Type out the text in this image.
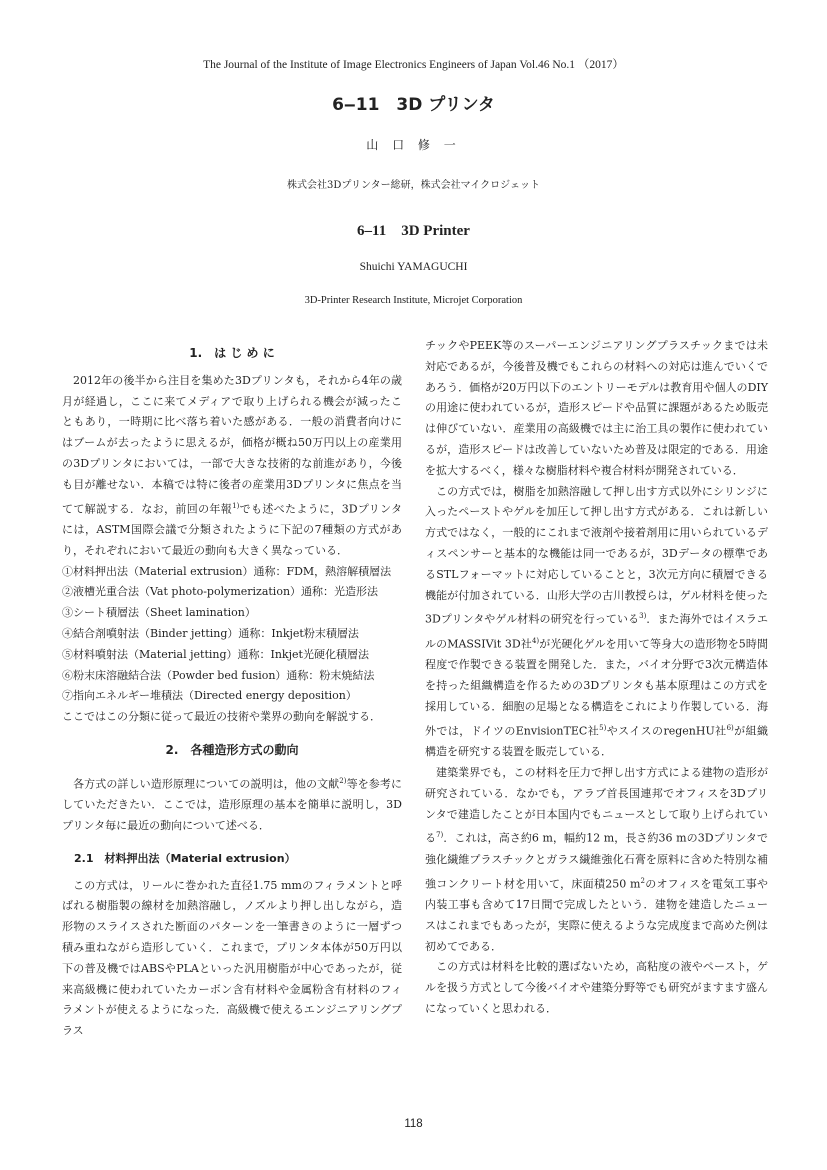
The Journal of the Institute of Image Electronics Engineers of Japan Vol.46 No.1 （2017）
6‒11　3D プリンタ
山 口 修 一
株式会社3Dプリンター総研，株式会社マイクロジェット
6‒11　3D Printer
Shuichi YAMAGUCHI
3D-Printer Research Institute, Microjet Corporation

1.　は じ め に

2012年の後半から注目を集めた3Dプリンタも，それから4年の歳月が経過し，ここに来てメディアで取り上げられる機会が減ったこともあり，一時期に比べ落ち着いた感がある．一般の消費者向けにはブームが去ったように思えるが，価格が概ね50万円以上の産業用の3Dプリンタにおいては，一部で大きな技術的な前進があり，今後も目が離せない．本稿では特に後者の産業用3Dプリンタに焦点を当てて解説する．なお，前回の年報$^{1)}$でも述べたように，3Dプリンタには，ASTM国際会議で分類されたように下記の7種類の方式があり，それぞれにおいて最近の動向も大きく異なっている．

①材料押出法（Material extrusion）通称：FDM，熱溶解積層法
②液槽光重合法（Vat photo-polymerization）通称：光造形法
③シート積層法（Sheet lamination）
④結合剤噴射法（Binder jetting）通称：Inkjet粉末積層法
⑤材料噴射法（Material jetting）通称：Inkjet光硬化積層法
⑥粉末床溶融結合法（Powder bed fusion）通称：粉末焼結法
⑦指向エネルギー堆積法（Directed energy deposition）

ここではこの分類に従って最近の技術や業界の動向を解説する．

2.　各種造形方式の動向

各方式の詳しい造形原理についての説明は，他の文献$^{2)}$等を参考にしていただきたい．ここでは，造形原理の基本を簡単に説明し，3Dプリンタ毎に最近の動向について述べる．

2.1　材料押出法（Material extrusion）

この方式は，リールに巻かれた直径1.75 mmのフィラメントと呼ばれる樹脂製の線材を加熱溶融し，ノズルより押し出しながら，造形物のスライスされた断面のパターンを一筆書きのように一層ずつ積み重ねながら造形していく．これまで，プリンタ本体が50万円以下の普及機ではABSやPLAといった汎用樹脂が中心であったが，従来高級機に使われていたカーボン含有材料や金属粉含有材料のフィラメントが使えるようになった．高級機で使えるエンジニアリングプラス

チックやPEEK等のスーパーエンジニアリングプラスチックまでは未対応であるが，今後普及機でもこれらの材料への対応は進んでいくであろう．価格が20万円以下のエントリーモデルは教育用や個人のDIYの用途に使われているが，造形スピードや品質に課題があるため販売は伸びていない．産業用の高級機では主に治工具の製作に使われているが，造形スピードは改善していないため普及は限定的である．用途を拡大するべく，様々な樹脂材料や複合材料が開発されている．

この方式では，樹脂を加熱溶融して押し出す方式以外にシリンジに入ったペーストやゲルを加圧して押し出す方式がある．これは新しい方式ではなく，一般的にこれまで液剤や接着剤用に用いられているディスペンサーと基本的な機能は同一であるが，3Dデータの標準であるSTLフォーマットに対応していることと，3次元方向に積層できる機能が付加されている．山形大学の古川教授らは，ゲル材料を使った3Dプリンタやゲル材料の研究を行っている$^{3)}$．また海外ではイスラエルのMASSIVit 3D社$^{4)}$が光硬化ゲルを用いて等身大の造形物を5時間程度で作製できる装置を開発した．また，バイオ分野で3次元構造体を持った組織構造を作るための3Dプリンタも基本原理はこの方式を採用している．細胞の足場となる構造をこれにより作製している．海外では，ドイツのEnvisionTEC社$^{5)}$やスイスのregenHU社$^{6)}$が組織構造を研究する装置を販売している．

建築業界でも，この材料を圧力で押し出す方式による建物の造形が研究されている．なかでも，アラブ首長国連邦でオフィスを3Dプリンタで建造したことが日本国内でもニュースとして取り上げられている$^{7)}$．これは，高さ約6 m，幅約12 m，長さ約36 mの3Dプリンタで強化繊維プラスチックとガラス繊維強化石膏を原料に含めた特別な補強コンクリート材を用いて，床面積250 $m^2$のオフィスを電気工事や内装工事も含めて17日間で完成したという．建物を建造したニュースはこれまでもあったが，実際に使えるような完成度まで高めた例は初めてである．

この方式は材料を比較的選ばないため，高粘度の液やペースト，ゲルを扱う方式として今後バイオや建築分野等でも研究がますます盛んになっていくと思われる．

118
